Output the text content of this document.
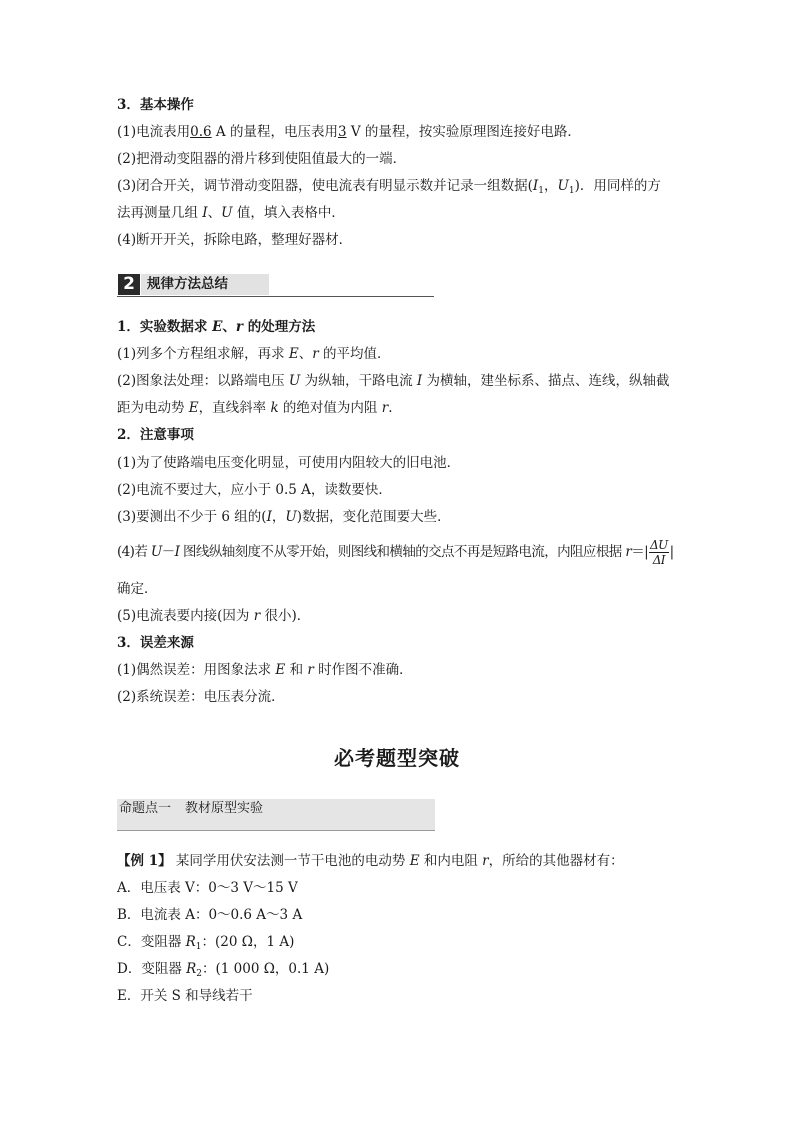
3．基本操作
(1)电流表用0.6 A 的量程，电压表用3 V 的量程，按实验原理图连接好电路．
(2)把滑动变阻器的滑片移到使阻值最大的一端．
(3)闭合开关，调节滑动变阻器，使电流表有明显示数并记录一组数据($I_1$，$U_1$)．用同样的方
法再测量几组 I、U 值，填入表格中．
(4)断开开关，拆除电路，整理好器材．
2 规律方法总结
1．实验数据求 E、r 的处理方法
(1)列多个方程组求解，再求 E、r 的平均值．
(2)图象法处理：以路端电压 U 为纵轴，干路电流 I 为横轴，建坐标系、描点、连线，纵轴截
距为电动势 E，直线斜率 k 的绝对值为内阻 r.
2．注意事项
(1)为了使路端电压变化明显，可使用内阻较大的旧电池．
(2)电流不要过大，应小于 0.5 A，读数要快．
(3)要测出不少于 6 组的(I，U)数据，变化范围要大些．
(4)若 U－I 图线纵轴刻度不从零开始，则图线和横轴的交点不再是短路电流，内阻应根据 $r=| \frac{\Delta U}{\Delta I}$ |
确定．
(5)电流表要内接(因为 r 很小)．
3．误差来源
(1)偶然误差：用图象法求 E 和 r 时作图不准确．
(2)系统误差：电压表分流．
必考题型突破
命题点一 教材原型实验
【例 1】 某同学用伏安法测一节干电池的电动势 E 和内电阻 r，所给的其他器材有：
A．电压表 V：0～3 V～15 V
B．电流表 A：0～0.6 A～3 A
C．变阻器 $R_1$：(20 Ω，1 A)
D．变阻器 $R_2$：(1 000 Ω，0.1 A)
E．开关 S 和导线若干
